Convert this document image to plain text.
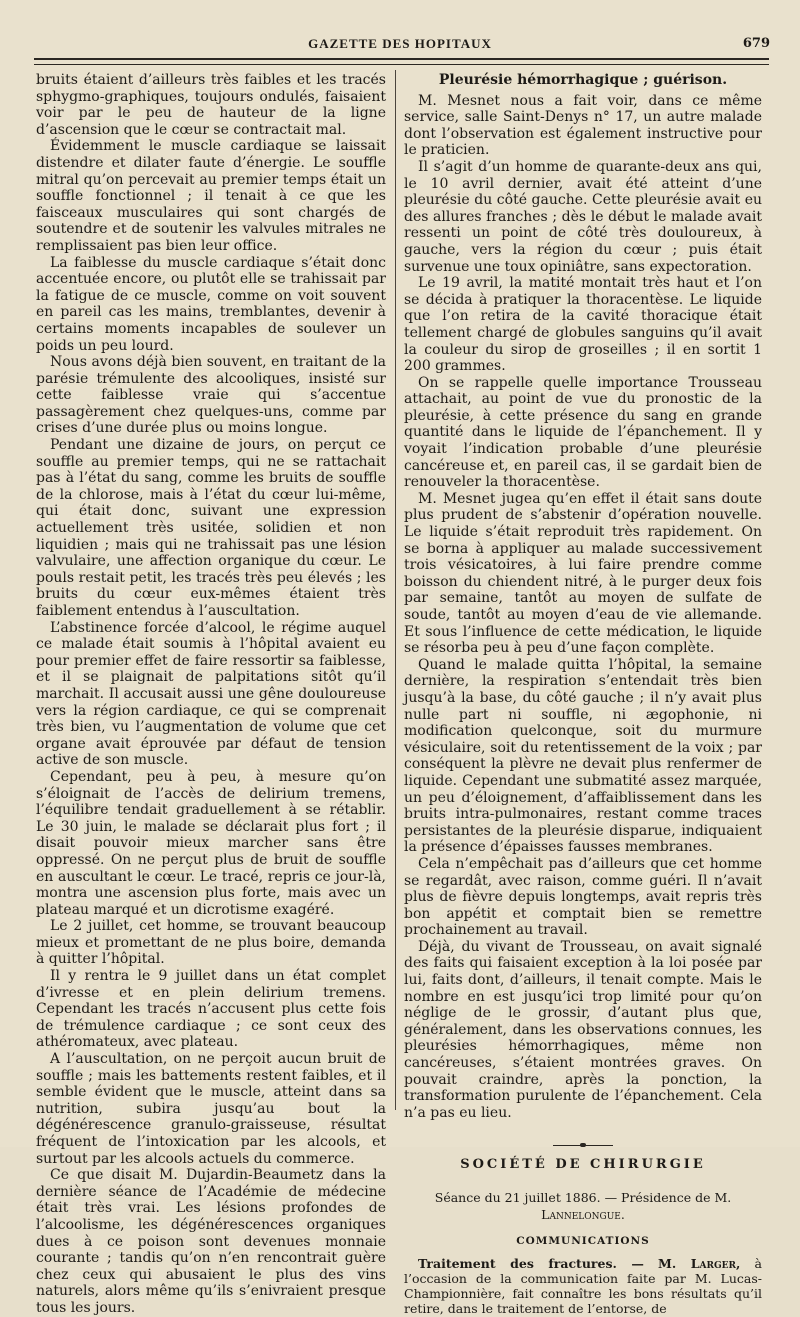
GAZETTE DES HOPITAUX	679

bruits étaient d’ailleurs très faibles et les tracés sphygmo-graphiques, toujours ondulés, faisaient voir par le peu de hauteur de la ligne d’ascension que le cœur se contractait mal.

Évidemment le muscle cardiaque se laissait distendre et dilater faute d’énergie. Le souffle mitral qu’on percevait au premier temps était un souffle fonctionnel ; il tenait à ce que les faisceaux musculaires qui sont chargés de soutendre et de soutenir les valvules mitrales ne remplissaient pas bien leur office.

La faiblesse du muscle cardiaque s’était donc accentuée encore, ou plutôt elle se trahissait par la fatigue de ce muscle, comme on voit souvent en pareil cas les mains, tremblantes, devenir à certains moments incapables de soulever un poids un peu lourd.

Nous avons déjà bien souvent, en traitant de la parésie trémulente des alcooliques, insisté sur cette faiblesse vraie qui s’accentue passagèrement chez quelques-uns, comme par crises d’une durée plus ou moins longue.

Pendant une dizaine de jours, on perçut ce souffle au premier temps, qui ne se rattachait pas à l’état du sang, comme les bruits de souffle de la chlorose, mais à l’état du cœur lui-même, qui était donc, suivant une expression actuellement très usitée, solidien et non liquidien ; mais qui ne trahissait pas une lésion valvulaire, une affection organique du cœur. Le pouls restait petit, les tracés très peu élevés ; les bruits du cœur eux-mêmes étaient très faiblement entendus à l’auscultation.

L’abstinence forcée d’alcool, le régime auquel ce malade était soumis à l’hôpital avaient eu pour premier effet de faire ressortir sa faiblesse, et il se plaignait de palpitations sitôt qu’il marchait. Il accusait aussi une gêne douloureuse vers la région cardiaque, ce qui se comprenait très bien, vu l’augmentation de volume que cet organe avait éprouvée par défaut de tension active de son muscle.

Cependant, peu à peu, à mesure qu’on s’éloignait de l’accès de delirium tremens, l’équilibre tendait graduellement à se rétablir. Le 30 juin, le malade se déclarait plus fort ; il disait pouvoir mieux marcher sans être oppressé. On ne perçut plus de bruit de souffle en auscultant le cœur. Le tracé, repris ce jour-là, montra une ascension plus forte, mais avec un plateau marqué et un dicrotisme exagéré.

Le 2 juillet, cet homme, se trouvant beaucoup mieux et promettant de ne plus boire, demanda à quitter l’hôpital.

Il y rentra le 9 juillet dans un état complet d’ivresse et en plein delirium tremens. Cependant les tracés n’accusent plus cette fois de trémulence cardiaque ; ce sont ceux des athéromateux, avec plateau.

A l’auscultation, on ne perçoit aucun bruit de souffle ; mais les battements restent faibles, et il semble évident que le muscle, atteint dans sa nutrition, subira jusqu’au bout la dégénérescence granulo-graisseuse, résultat fréquent de l’intoxication par les alcools, et surtout par les alcools actuels du commerce.

Ce que disait M. Dujardin-Beaumetz dans la dernière séance de l’Académie de médecine était très vrai. Les lésions profondes de l’alcoolisme, les dégénérescences organiques dues à ce poison sont devenues monnaie courante ; tandis qu’on n’en rencontrait guère chez ceux qui abusaient le plus des vins naturels, alors même qu’ils s’enivraient presque tous les jours.

Pleurésie hémorrhagique ; guérison.

M. Mesnet nous a fait voir, dans ce même service, salle Saint-Denys n° 17, un autre malade dont l’observation est également instructive pour le praticien.

Il s’agit d’un homme de quarante-deux ans qui, le 10 avril dernier, avait été atteint d’une pleurésie du côté gauche. Cette pleurésie avait eu des allures franches ; dès le début le malade avait ressenti un point de côté très douloureux, à gauche, vers la région du cœur ; puis était survenue une toux opiniâtre, sans expectoration.

Le 19 avril, la matité montait très haut et l’on se décida à pratiquer la thoracentèse. Le liquide que l’on retira de la cavité thoracique était tellement chargé de globules sanguins qu’il avait la couleur du sirop de groseilles ; il en sortit 1 200 grammes.

On se rappelle quelle importance Trousseau attachait, au point de vue du pronostic de la pleurésie, à cette présence du sang en grande quantité dans le liquide de l’épanchement. Il y voyait l’indication probable d’une pleurésie cancéreuse et, en pareil cas, il se gardait bien de renouveler la thoracentèse.

M. Mesnet jugea qu’en effet il était sans doute plus prudent de s’abstenir d’opération nouvelle. Le liquide s’était reproduit très rapidement. On se borna à appliquer au malade successivement trois vésicatoires, à lui faire prendre comme boisson du chiendent nitré, à le purger deux fois par semaine, tantôt au moyen de sulfate de soude, tantôt au moyen d’eau de vie allemande. Et sous l’influence de cette médication, le liquide se résorba peu à peu d’une façon complète.

Quand le malade quitta l’hôpital, la semaine dernière, la respiration s’entendait très bien jusqu’à la base, du côté gauche ; il n’y avait plus nulle part ni souffle, ni ægophonie, ni modification quelconque, soit du murmure vésiculaire, soit du retentissement de la voix ; par conséquent la plèvre ne devait plus renfermer de liquide. Cependant une submatité assez marquée, un peu d’éloignement, d’affaiblissement dans les bruits intra-pulmonaires, restant comme traces persistantes de la pleurésie disparue, indiquaient la présence d’épaisses fausses membranes.

Cela n’empêchait pas d’ailleurs que cet homme se regardât, avec raison, comme guéri. Il n’avait plus de fièvre depuis longtemps, avait repris très bon appétit et comptait bien se remettre prochainement au travail.

Déjà, du vivant de Trousseau, on avait signalé des faits qui faisaient exception à la loi posée par lui, faits dont, d’ailleurs, il tenait compte. Mais le nombre en est jusqu’ici trop limité pour qu’on néglige de le grossir, d’autant plus que, généralement, dans les observations connues, les pleurésies hémorrhagiques, même non cancéreuses, s’étaient montrées graves. On pouvait craindre, après la ponction, la transformation purulente de l’épanchement. Cela n’a pas eu lieu.

SOCIÉTÉ DE CHIRURGIE
Séance du 21 juillet 1886. — Présidence de M. Lannelongue.
COMMUNICATIONS

Traitement des fractures. — M. Larger, à l’occasion de la communication faite par M. Lucas-Championnière, fait connaître les bons résultats qu’il retire, dans le traitement de l’entorse, de
